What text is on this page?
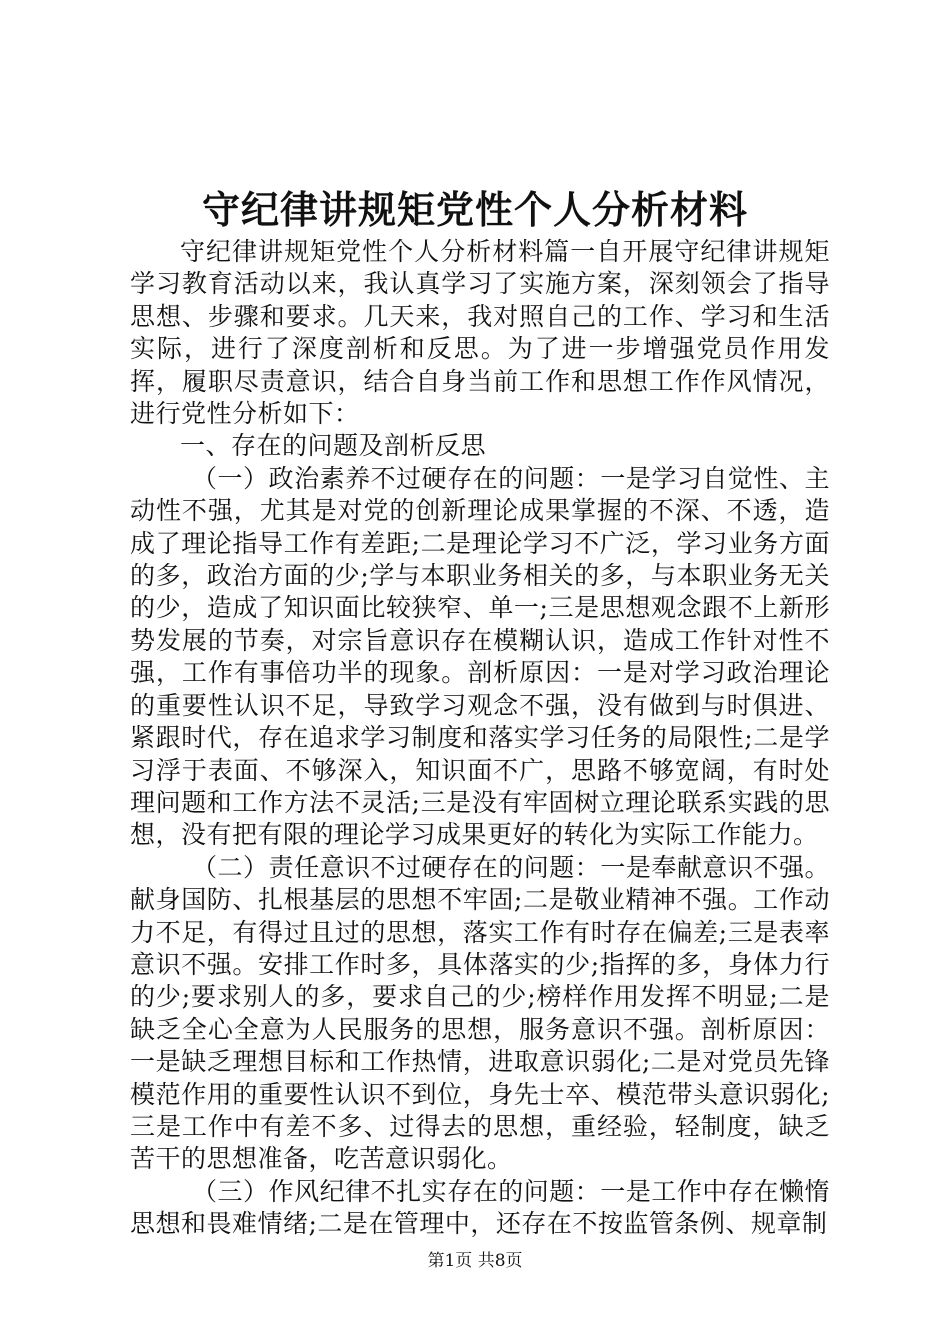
守纪律讲规矩党性个人分析材料

守纪律讲规矩党性个人分析材料篇一自开展守纪律讲规矩学习教育活动以来，我认真学习了实施方案，深刻领会了指导思想、步骤和要求。几天来，我对照自己的工作、学习和生活实际，进行了深度剖析和反思。为了进一步增强党员作用发挥，履职尽责意识，结合自身当前工作和思想工作作风情况，进行党性分析如下：

一、存在的问题及剖析反思

（一）政治素养不过硬存在的问题：一是学习自觉性、主动性不强，尤其是对党的创新理论成果掌握的不深、不透，造成了理论指导工作有差距;二是理论学习不广泛，学习业务方面的多，政治方面的少;学与本职业务相关的多，与本职业务无关的少，造成了知识面比较狭窄、单一;三是思想观念跟不上新形势发展的节奏，对宗旨意识存在模糊认识，造成工作针对性不强，工作有事倍功半的现象。剖析原因：一是对学习政治理论的重要性认识不足，导致学习观念不强，没有做到与时俱进、紧跟时代，存在追求学习制度和落实学习任务的局限性;二是学习浮于表面、不够深入，知识面不广，思路不够宽阔，有时处理问题和工作方法不灵活;三是没有牢固树立理论联系实践的思想，没有把有限的理论学习成果更好的转化为实际工作能力。

（二）责任意识不过硬存在的问题：一是奉献意识不强。献身国防、扎根基层的思想不牢固;二是敬业精神不强。工作动力不足，有得过且过的思想，落实工作有时存在偏差;三是表率意识不强。安排工作时多，具体落实的少;指挥的多，身体力行的少;要求别人的多，要求自己的少;榜样作用发挥不明显;二是缺乏全心全意为人民服务的思想，服务意识不强。剖析原因：一是缺乏理想目标和工作热情，进取意识弱化;二是对党员先锋模范作用的重要性认识不到位，身先士卒、模范带头意识弱化;三是工作中有差不多、过得去的思想，重经验，轻制度，缺乏苦干的思想准备，吃苦意识弱化。

（三）作风纪律不扎实存在的问题：一是工作中存在懒惰思想和畏难情绪;二是在管理中，还存在不按监管条例、规章制

第1页 共8页
